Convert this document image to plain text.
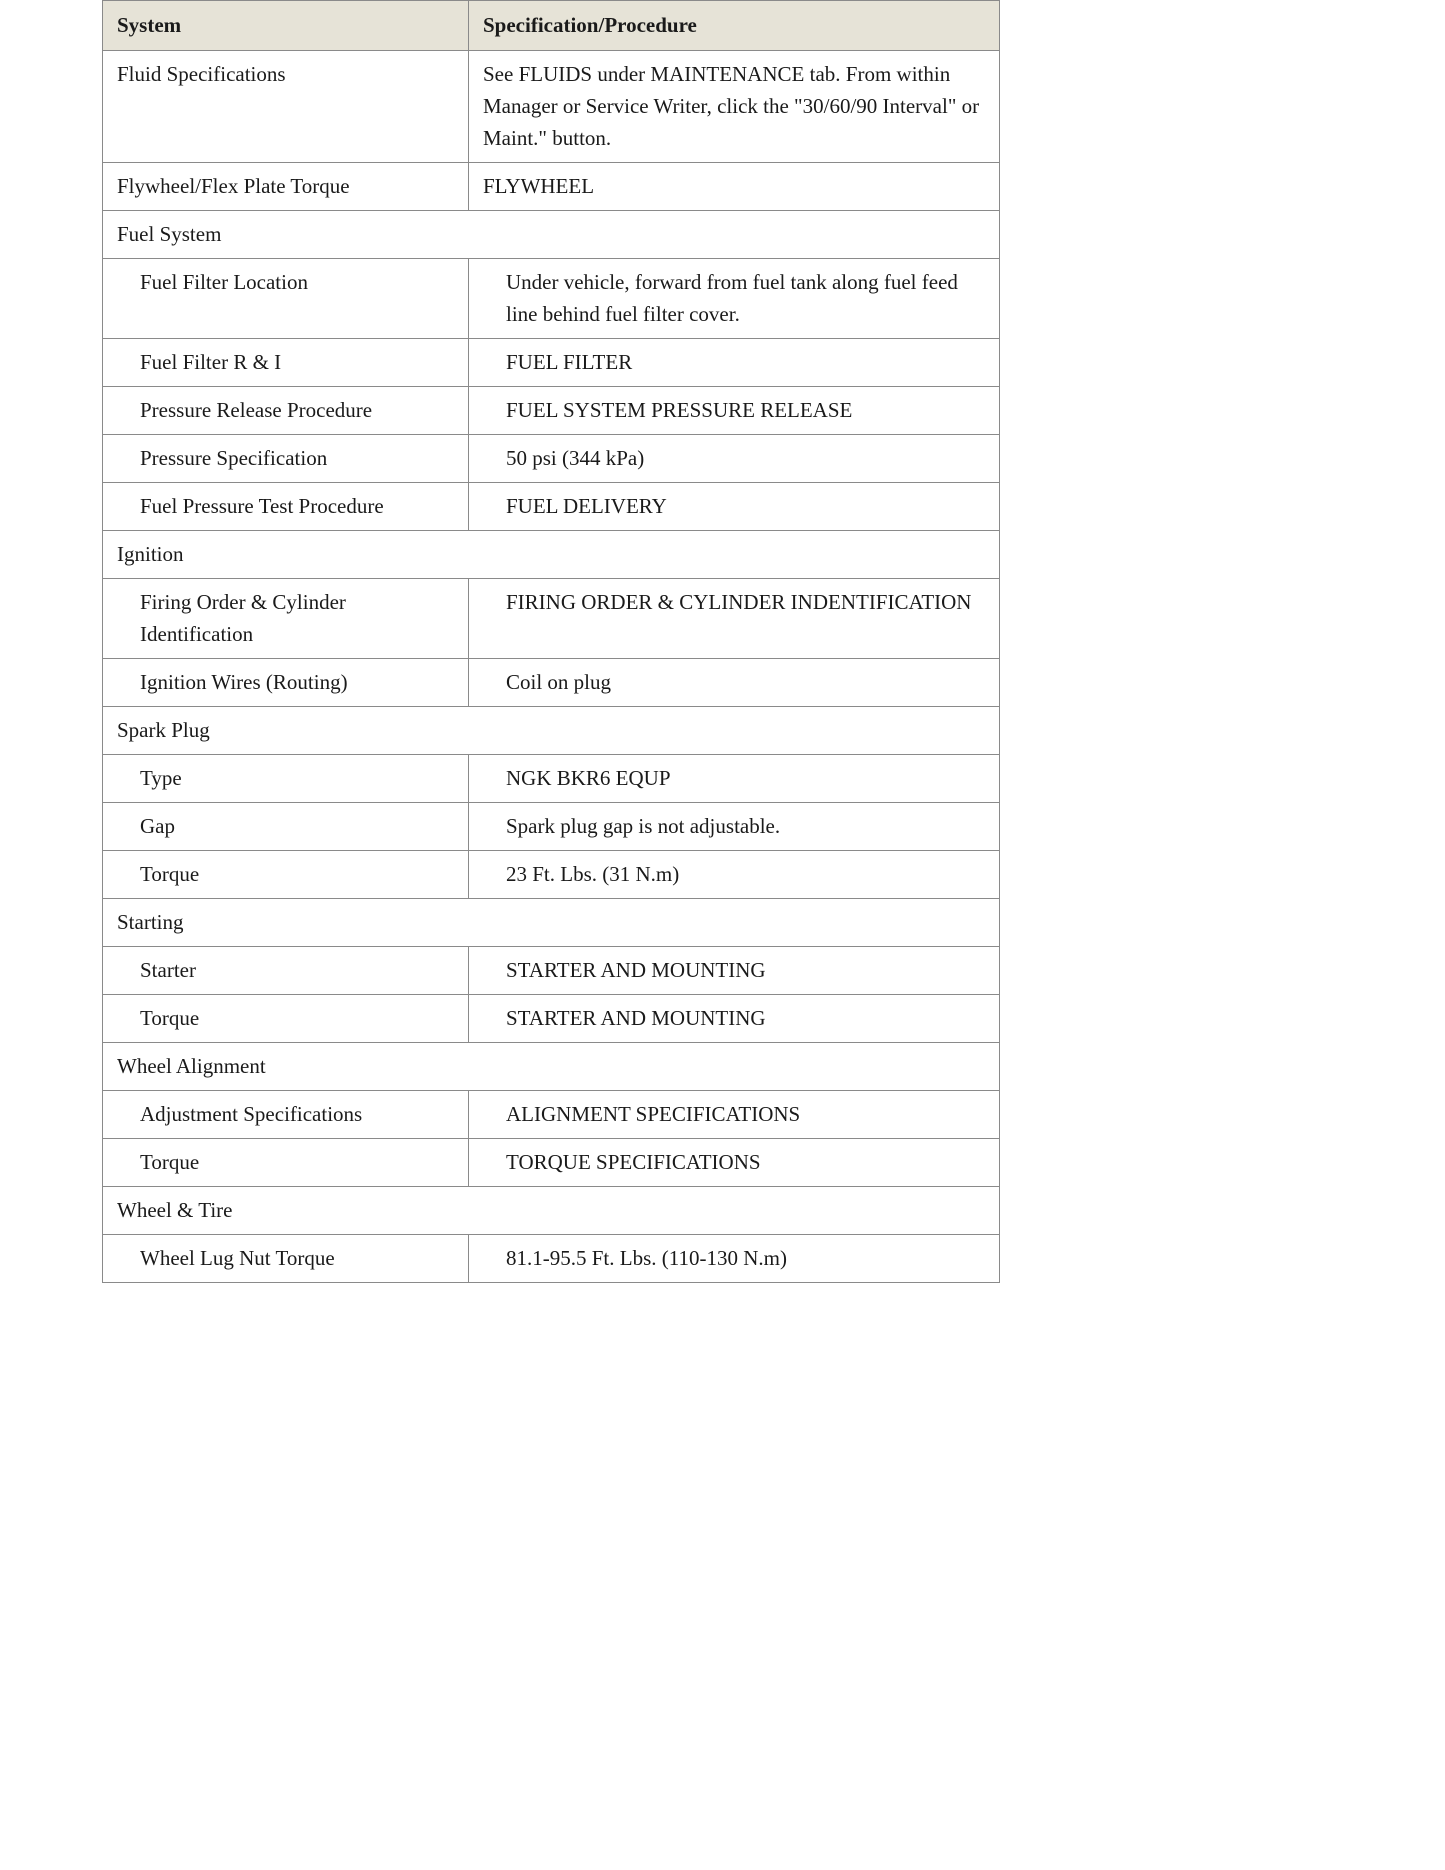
System	Specification/Procedure
Fluid Specifications	See FLUIDS under MAINTENANCE tab. From within Manager or Service Writer, click the "30/60/90 Interval" or Maint." button.
Flywheel/Flex Plate Torque	FLYWHEEL
Fuel System	
Fuel Filter Location	Under vehicle, forward from fuel tank along fuel feed line behind fuel filter cover.
Fuel Filter R & I	FUEL FILTER
Pressure Release Procedure	FUEL SYSTEM PRESSURE RELEASE
Pressure Specification	50 psi (344 kPa)
Fuel Pressure Test Procedure	FUEL DELIVERY
Ignition	
Firing Order & Cylinder Identification	FIRING ORDER & CYLINDER INDENTIFICATION
Ignition Wires (Routing)	Coil on plug
Spark Plug	
Type	NGK BKR6 EQUP
Gap	Spark plug gap is not adjustable.
Torque	23 Ft. Lbs. (31 N.m)
Starting	
Starter	STARTER AND MOUNTING
Torque	STARTER AND MOUNTING
Wheel Alignment	
Adjustment Specifications	ALIGNMENT SPECIFICATIONS
Torque	TORQUE SPECIFICATIONS
Wheel & Tire	
Wheel Lug Nut Torque	81.1-95.5 Ft. Lbs. (110-130 N.m)
